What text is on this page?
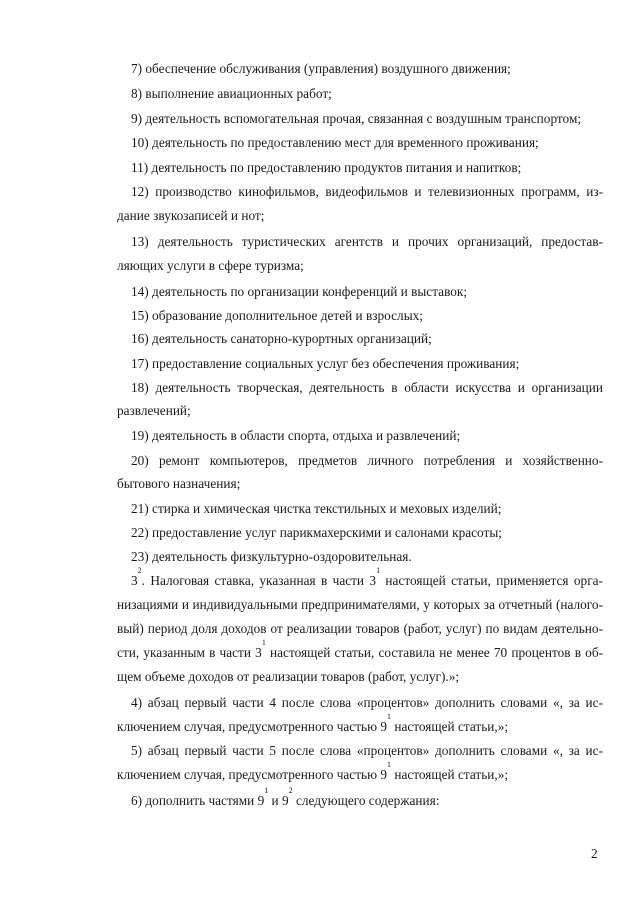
7) обеспечение обслуживания (управления) воздушного движения;
8) выполнение авиационных работ;
9) деятельность вспомогательная прочая, связанная с воздушным транспортом;
10) деятельность по предоставлению мест для временного проживания;
11) деятельность по предоставлению продуктов питания и напитков;
12) производство кинофильмов, видеофильмов и телевизионных программ, из-
дание звукозаписей и нот;
13) деятельность туристических агентств и прочих организаций, предостав-
ляющих услуги в сфере туризма;
14) деятельность по организации конференций и выставок;
15) образование дополнительное детей и взрослых;
16) деятельность санаторно-курортных организаций;
17) предоставление социальных услуг без обеспечения проживания;
18) деятельность творческая, деятельность в области искусства и организации
развлечений;
19) деятельность в области спорта, отдыха и развлечений;
20) ремонт компьютеров, предметов личного потребления и хозяйственно-
бытового назначения;
21) стирка и химическая чистка текстильных и меховых изделий;
22) предоставление услуг парикмахерскими и салонами красоты;
23) деятельность физкультурно-оздоровительная.
$3^2$. Налоговая ставка, указанная в части $3^1$ настоящей статьи, применяется орга-
низациями и индивидуальными предпринимателями, у которых за отчетный (налого-
вый) период доля доходов от реализации товаров (работ, услуг) по видам деятельно-
сти, указанным в части $3^1$ настоящей статьи, составила не менее 70 процентов в об-
щем объеме доходов от реализации товаров (работ, услуг).»;
4) абзац первый части 4 после слова «процентов» дополнить словами «, за ис-
ключением случая, предусмотренного частью $9^1$ настоящей статьи,»;
5) абзац первый части 5 после слова «процентов» дополнить словами «, за ис-
ключением случая, предусмотренного частью $9^1$ настоящей статьи,»;
6) дополнить частями $9^1$ и $9^2$ следующего содержания:
2
